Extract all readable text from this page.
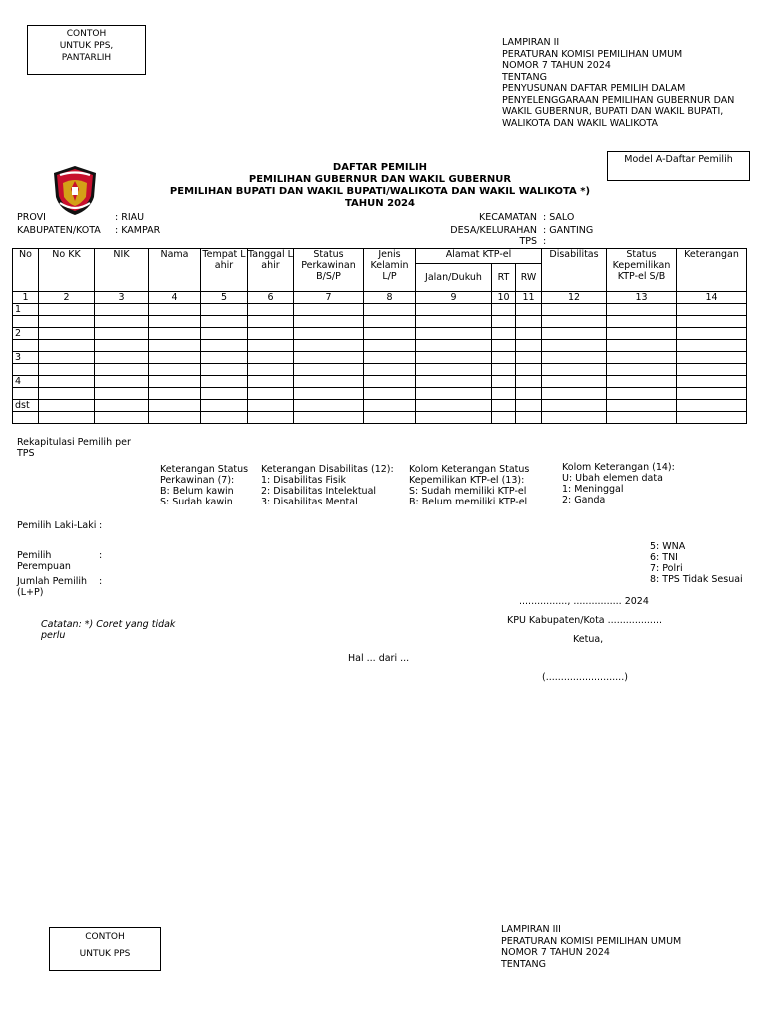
CONTOH
UNTUK PPS,
PANTARLIH
LAMPIRAN II
PERATURAN KOMISI PEMILIHAN UMUM
NOMOR 7 TAHUN 2024
TENTANG
PENYUSUNAN DAFTAR PEMILIH DALAM
PENYELENGGARAAN PEMILIHAN GUBERNUR DAN
WAKIL GUBERNUR, BUPATI DAN WAKIL BUPATI,
WALIKOTA DAN WAKIL WALIKOTA
Model A-Daftar Pemilih
DAFTAR PEMILIH
PEMILIHAN GUBERNUR DAN WAKIL GUBERNUR
PEMILIHAN BUPATI DAN WAKIL BUPATI/WALIKOTA DAN WAKIL WALIKOTA *)
TAHUN 2024
PROVI	: RIAU
KABUPATEN/KOTA : KAMPAR
KECAMATAN : SALO
DESA/KELURAHAN : GANTING
TPS :
No	No KK	NIK	Nama	Tempat Lahir	Tanggal Lahir	Status Perkawinan B/S/P	Jenis Kelamin L/P	Alamat KTP-el			Disabilitas	Status Kepemilikan KTP-el S/B	Keterangan
								Jalan/Dukuh	RT	RW			
1	2	3	4	5	6	7	8	9	10	11	12	13	14
1													

2													

3													

4													

dst													

Rekapitulasi Pemilih per TPS
Keterangan Status
Perkawinan (7):
B: Belum kawin
S: Sudah kawin
Keterangan Disabilitas (12):
1: Disabilitas Fisik
2: Disabilitas Intelektual
3: Disabilitas Mental
Kolom Keterangan Status
Kepemilikan KTP-el (13):
S: Sudah memiliki KTP-el
B: Belum memiliki KTP-el
Kolom Keterangan (14):
U: Ubah elemen data
1: Meninggal
2: Ganda
5: WNA
6: TNI
7: Polri
8: TPS Tidak Sesuai
Pemilih Laki-Laki :
Pemilih Perempuan
:
Jumlah Pemilih (L+P)
:
................, ................ 2024
KPU Kabupaten/Kota ..................
Ketua,
(..........................)
Catatan: *) Coret yang tidak perlu
Hal ... dari ...
CONTOH
UNTUK PPS
LAMPIRAN III
PERATURAN KOMISI PEMILIHAN UMUM
NOMOR 7 TAHUN 2024
TENTANG
